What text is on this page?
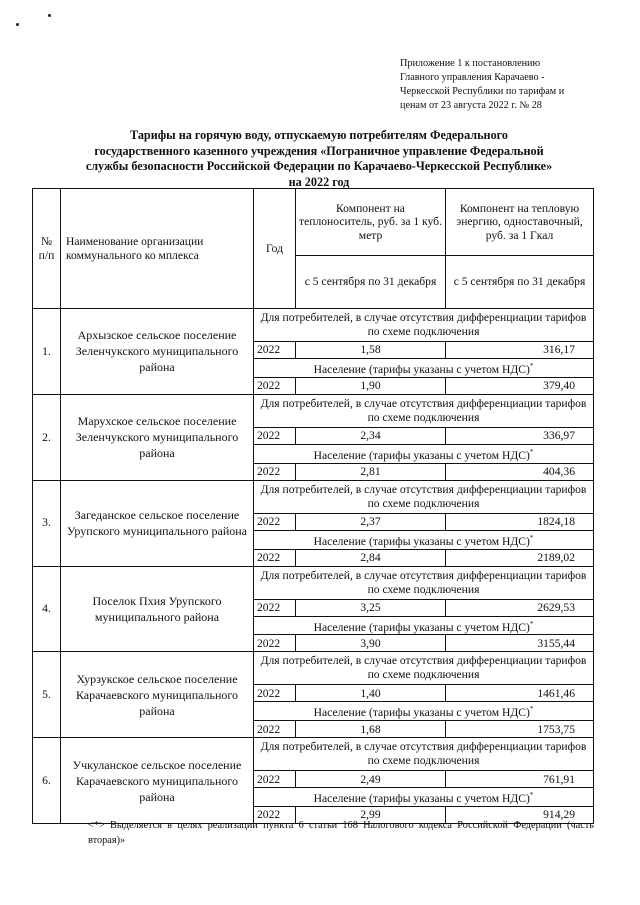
Приложение 1 к постановлению
Главного управления Карачаево -
Черкесской Республики по тарифам и
ценам от 23 августа 2022 г. № 28
Тарифы на горячую воду, отпускаемую потребителям Федерального
государственного казенного учреждения «Пограничное управление Федеральной
службы безопасности Российской Федерации по Карачаево-Черкесской Республике»
на 2022 год
№ п/п	Наименование организации коммунального ко мплекса	Год	Компонент на теплоноситель, руб. за 1 куб. метр	Компонент на тепловую энергию, одноставочный, руб. за 1 Гкал
			с 5 сентября по 31 декабря	с 5 сентября по 31 декабря
1.	Архызское сельское поселение Зеленчукского муниципального района	Для потребителей, в случае отсутствия дифференциации тарифов по схеме подключения		
		2022	1,58	316,17
		Население (тарифы указаны с учетом НДС)*
		2022	1,90	379,40
2.	Марухское сельское поселение Зеленчукского муниципального района	Для потребителей, в случае отсутствия дифференциации тарифов по схеме подключения		
		2022	2,34	336,97
		Население (тарифы указаны с учетом НДС)*
		2022	2,81	404,36
3.	Загеданское сельское поселение Урупского муниципального района	Для потребителей, в случае отсутствия дифференциации тарифов по схеме подключения		
		2022	2,37	1824,18
		Население (тарифы указаны с учетом НДС)*
		2022	2,84	2189,02
4.	Поселок Пхия Урупского муниципального района	Для потребителей, в случае отсутствия дифференциации тарифов по схеме подключения		
		2022	3,25	2629,53
		Население (тарифы указаны с учетом НДС)*
		2022	3,90	3155,44
5.	Хурзукское сельское поселение Карачаевского муниципального района	Для потребителей, в случае отсутствия дифференциации тарифов по схеме подключения		
		2022	1,40	1461,46
		Население (тарифы указаны с учетом НДС)*
		2022	1,68	1753,75
6.	Учкуланское сельское поселение Карачаевского муниципального района	Для потребителей, в случае отсутствия дифференциации тарифов по схеме подключения		
		2022	2,49	761,91
		Население (тарифы указаны с учетом НДС)*
		2022	2,99	914,29
<*> Выделяется в целях реализации пункта 6 статьи 168 Налогового кодекса Российской Федерации (часть вторая)»
